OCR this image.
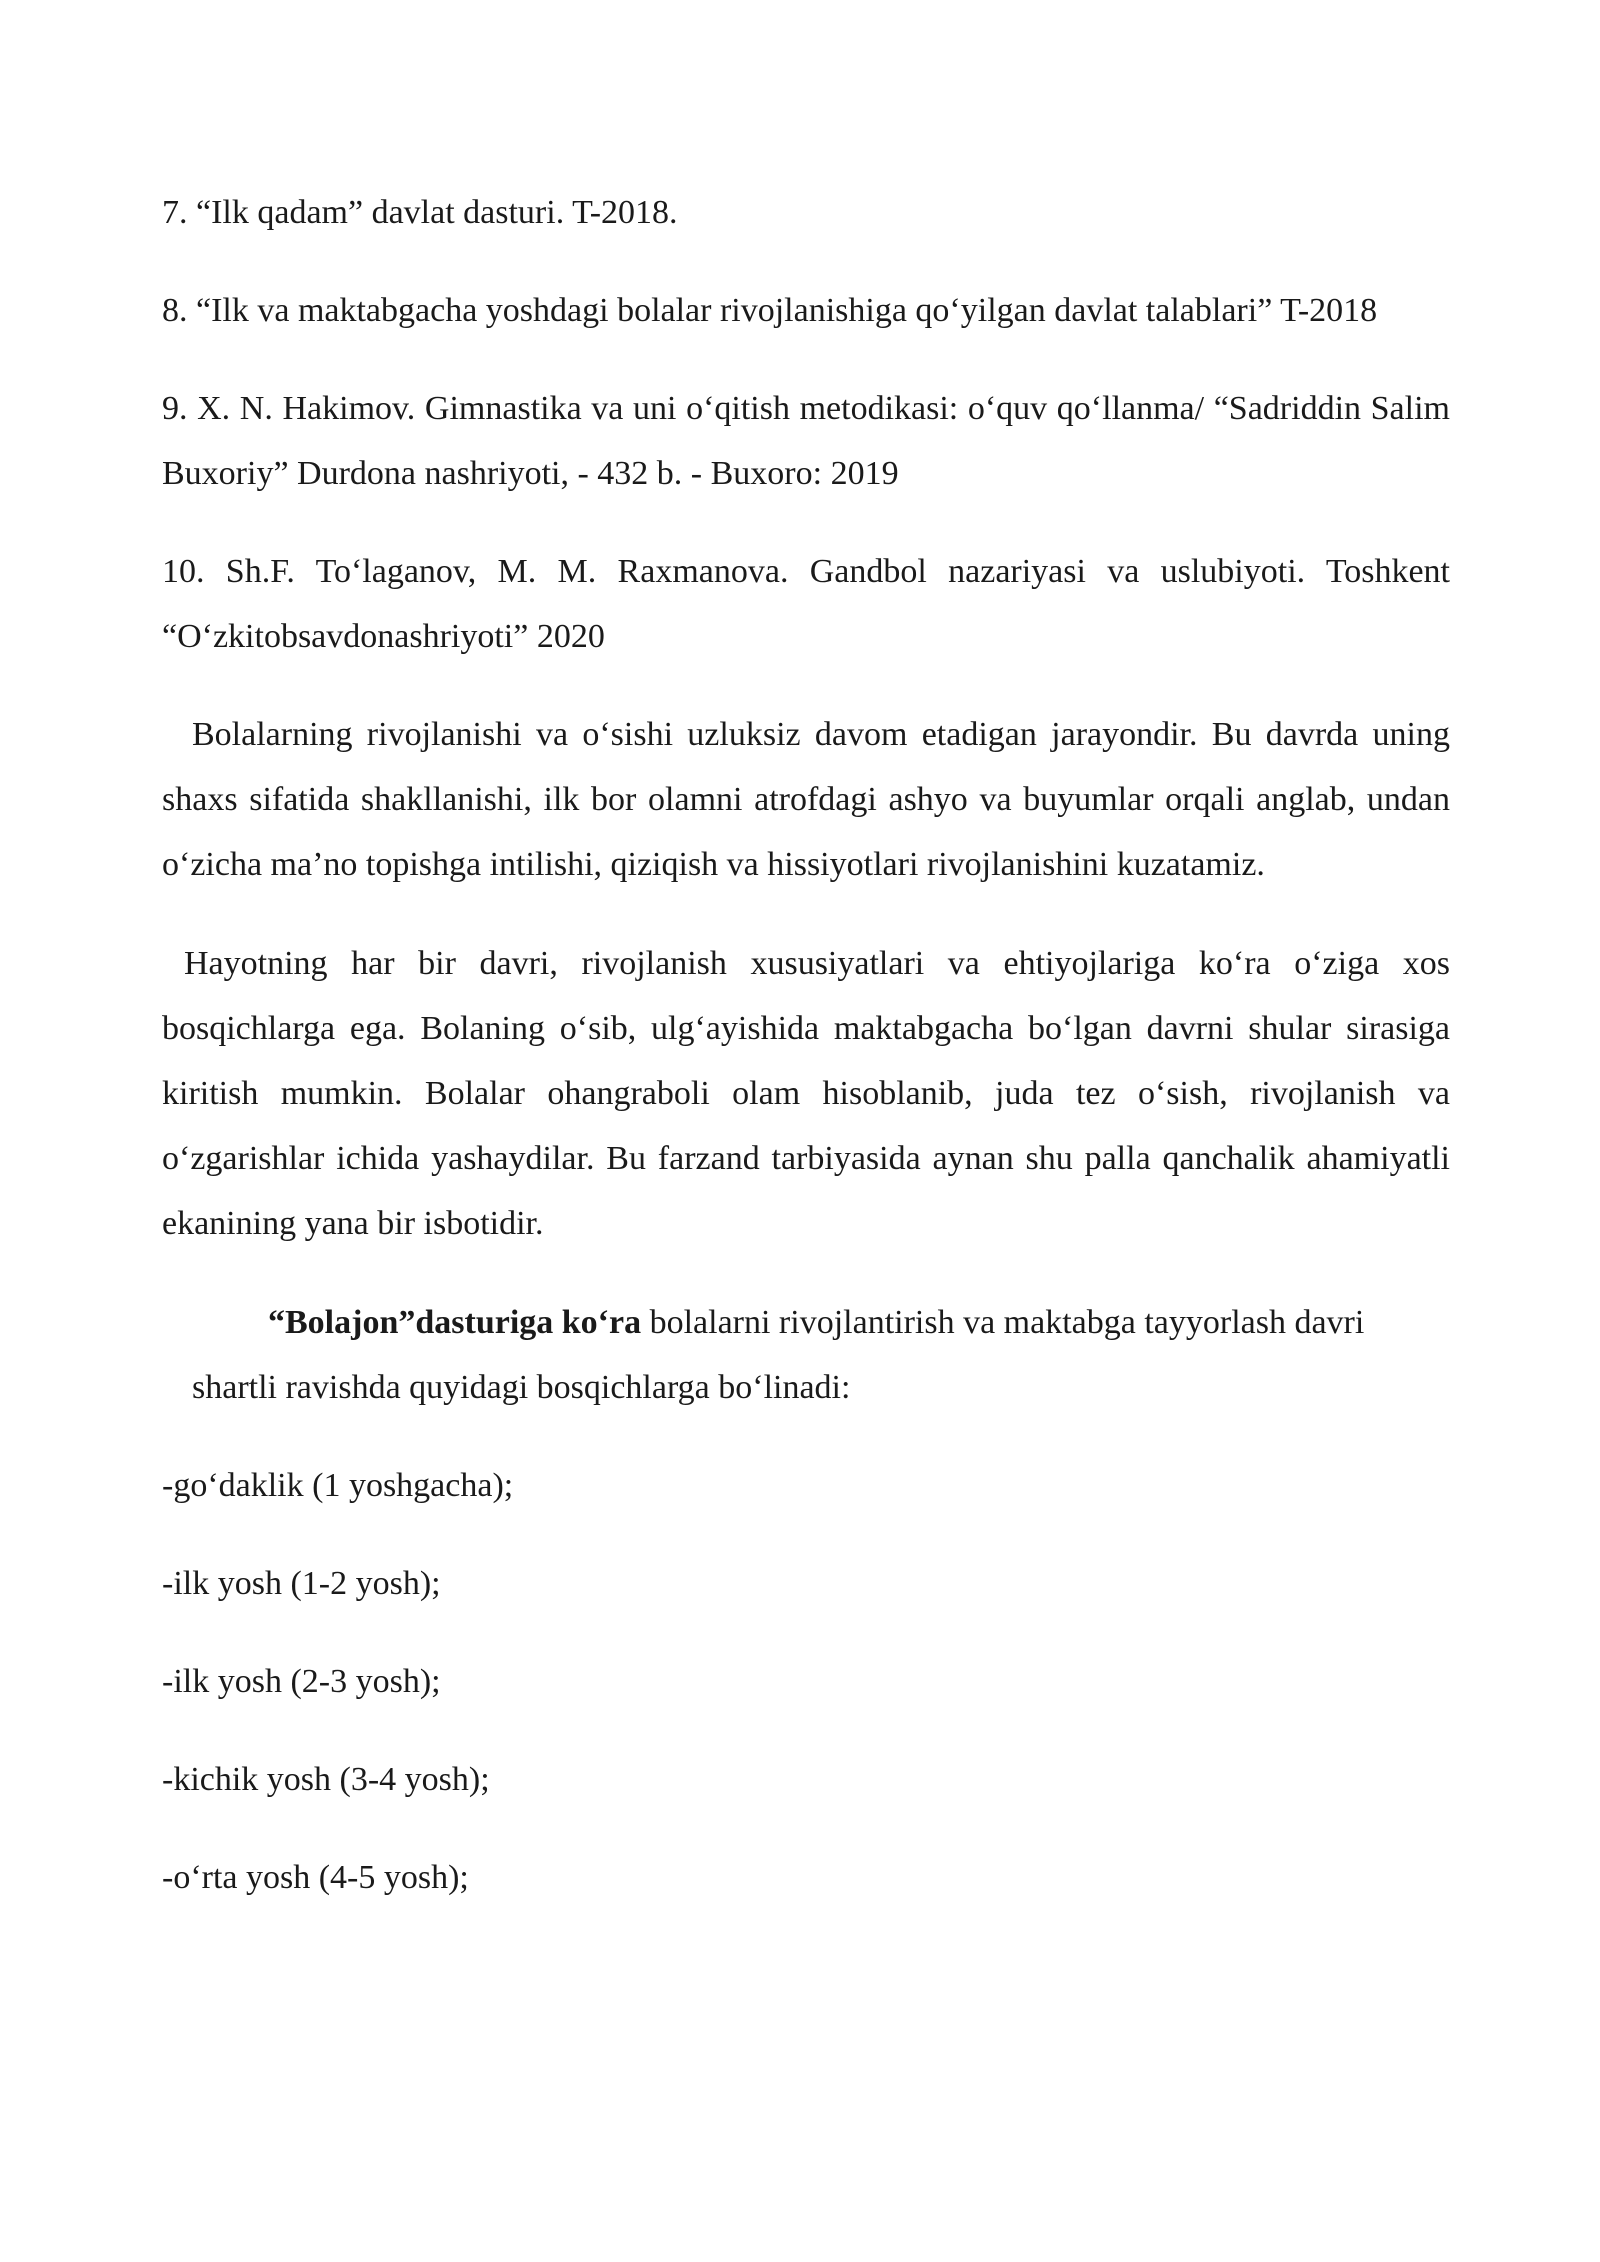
7. “Ilk qadam” davlat dasturi. T-2018.

8. “Ilk va maktabgacha yoshdagi bolalar rivojlanishiga qo‘yilgan davlat talablari” T-2018

9. X. N. Hakimov. Gimnastika va uni o‘qitish metodikasi: o‘quv qo‘llanma/ “Sadriddin Salim Buxoriy” Durdona nashriyoti, - 432 b. - Buxoro: 2019

10. Sh.F. To‘laganov, M. M. Raxmanova. Gandbol nazariyasi va uslubiyoti. Toshkent “O‘zkitobsavdonashriyoti” 2020

Bolalarning rivojlanishi va o‘sishi uzluksiz davom etadigan jarayondir. Bu davrda uning shaxs sifatida shakllanishi, ilk bor olamni atrofdagi ashyo va buyumlar orqali anglab, undan o‘zicha ma’no topishga intilishi, qiziqish va hissiyotlari rivojlanishini kuzatamiz.

Hayotning har bir davri, rivojlanish xususiyatlari va ehtiyojlariga ko‘ra o‘ziga xos bosqichlarga ega. Bolaning o‘sib, ulg‘ayishida maktabgacha bo‘lgan davrni shular sirasiga kiritish mumkin. Bolalar ohangraboli olam hisoblanib, juda tez o‘sish, rivojlanish va o‘zgarishlar ichida yashaydilar. Bu farzand tarbiyasida aynan shu palla qanchalik ahamiyatli ekanining yana bir isbotidir.

“Bolajon”dasturiga ko‘ra bolalarni rivojlantirish va maktabga tayyorlash davri shartli ravishda quyidagi bosqichlarga bo‘linadi:

-go‘daklik (1 yoshgacha);

-ilk yosh (1-2 yosh);

-ilk yosh (2-3 yosh);

-kichik yosh (3-4 yosh);

-o‘rta yosh (4-5 yosh);
